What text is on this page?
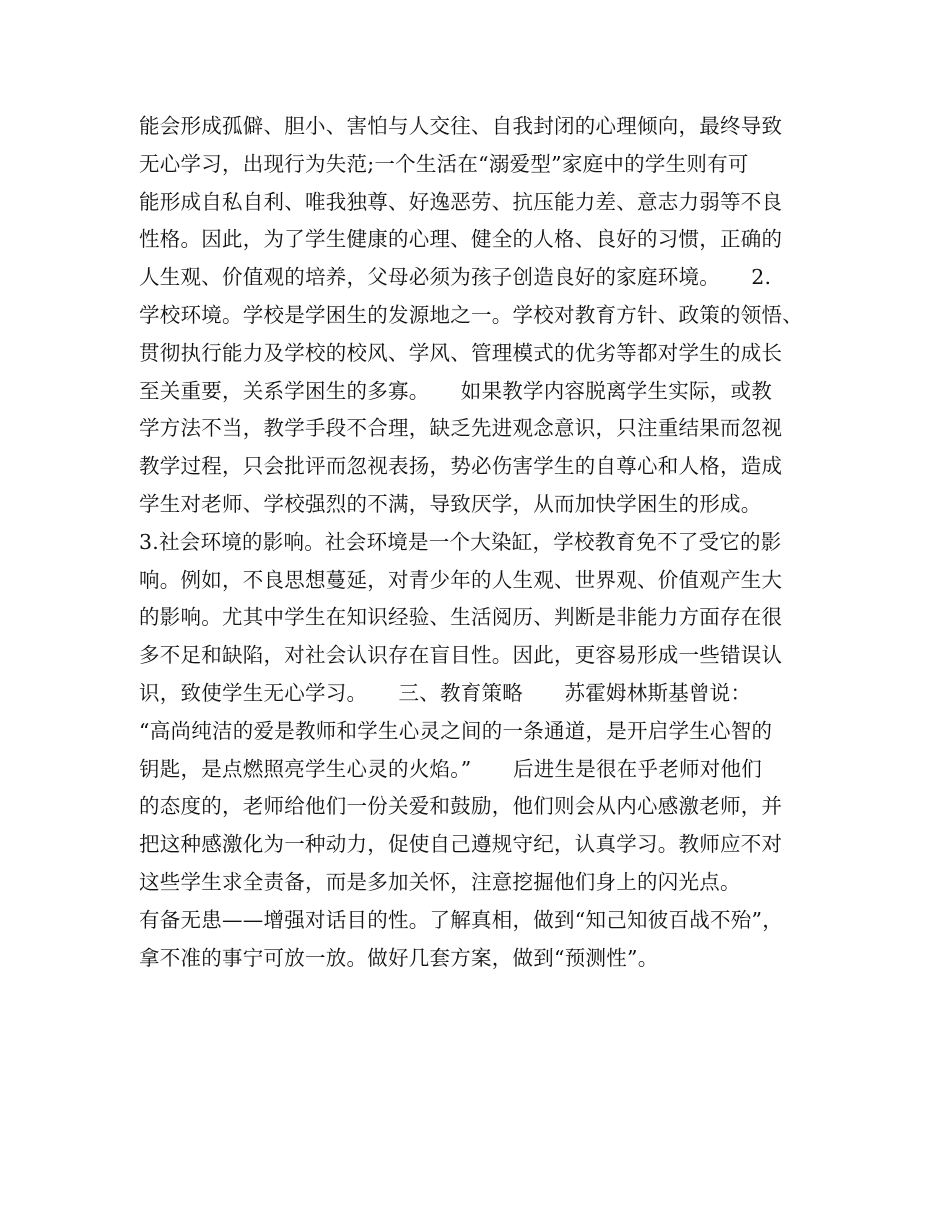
能会形成孤僻、胆小、害怕与人交往、自我封闭的心理倾向，最终导致
无心学习，出现行为失范;一个生活在“溺爱型”家庭中的学生则有可
能形成自私自利、唯我独尊、好逸恶劳、抗压能力差、意志力弱等不良
性格。因此，为了学生健康的心理、健全的人格、良好的习惯，正确的
人生观、价值观的培养，父母必须为孩子创造良好的家庭环境。　　2.
学校环境。学校是学困生的发源地之一。学校对教育方针、政策的领悟、
贯彻执行能力及学校的校风、学风、管理模式的优劣等都对学生的成长
至关重要，关系学困生的多寡。　　如果教学内容脱离学生实际，或教
学方法不当，教学手段不合理，缺乏先进观念意识，只注重结果而忽视
教学过程，只会批评而忽视表扬，势必伤害学生的自尊心和人格，造成
学生对老师、学校强烈的不满，导致厌学，从而加快学困生的形成。
3.社会环境的影响。社会环境是一个大染缸，学校教育免不了受它的影
响。例如，不良思想蔓延，对青少年的人生观、世界观、价值观产生大
的影响。尤其中学生在知识经验、生活阅历、判断是非能力方面存在很
多不足和缺陷，对社会认识存在盲目性。因此，更容易形成一些错误认
识，致使学生无心学习。　　三、教育策略　　苏霍姆林斯基曾说：
“高尚纯洁的爱是教师和学生心灵之间的一条通道，是开启学生心智的
钥匙，是点燃照亮学生心灵的火焰。”　　后进生是很在乎老师对他们
的态度的，老师给他们一份关爱和鼓励，他们则会从内心感激老师，并
把这种感激化为一种动力，促使自己遵规守纪，认真学习。教师应不对
这些学生求全责备，而是多加关怀，注意挖掘他们身上的闪光点。
有备无患——增强对话目的性。了解真相，做到“知己知彼百战不殆”，
拿不准的事宁可放一放。做好几套方案，做到“预测性”。
